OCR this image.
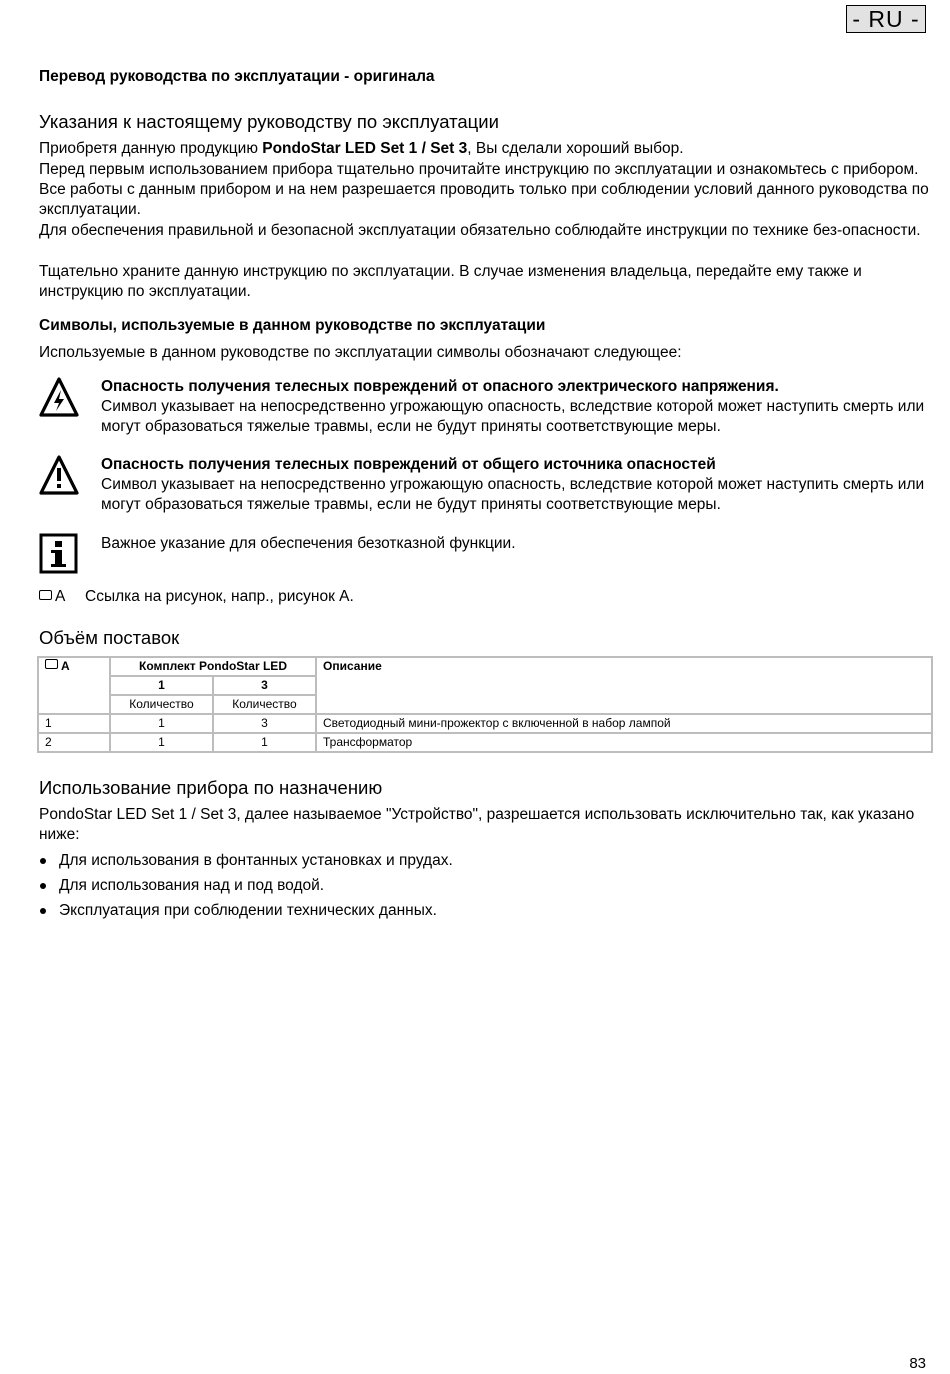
- RU -
Перевод руководства по эксплуатации - оригинала
Указания к настоящему руководству по эксплуатации
Приобретя данную продукцию PondoStar LED Set 1 / Set 3, Вы сделали хороший выбор.
Перед первым использованием прибора тщательно прочитайте инструкцию по эксплуатации и ознакомьтесь с прибором. Все работы с данным прибором и на нем разрешается проводить только при соблюдении условий данного руководства по эксплуатации.
Для обеспечения правильной и безопасной эксплуатации обязательно соблюдайте инструкции по технике без-опасности.
Тщательно храните данную инструкцию по эксплуатации. В случае изменения владельца, передайте ему также и инструкцию по эксплуатации.
Символы, используемые в данном руководстве по эксплуатации
Используемые в данном руководстве по эксплуатации символы обозначают следующее:
Опасность получения телесных повреждений от опасного электрического напряжения.
Символ указывает на непосредственно угрожающую опасность, вследствие которой может наступить смерть или могут образоваться тяжелые травмы, если не будут приняты соответствующие меры.
Опасность получения телесных повреждений от общего источника опасностей
Символ указывает на непосредственно угрожающую опасность, вследствие которой может наступить смерть или могут образоваться тяжелые травмы, если не будут приняты соответствующие меры.
Важное указание для обеспечения безотказной функции.
A Ссылка на рисунок, напр., рисунок A.
Объём поставок
A	Комплект PondoStar LED		Описание
	1	3	
	Количество	Количество	
1	1	3	Светодиодный мини-прожектор с включенной в набор лампой
2	1	1	Трансформатор
Использование прибора по назначению
PondoStar LED Set 1 / Set 3, далее называемое "Устройство", разрешается использовать исключительно так, как указано ниже:
Для использования в фонтанных установках и прудах.
Для использования над и под водой.
Эксплуатация при соблюдении технических данных.
83
